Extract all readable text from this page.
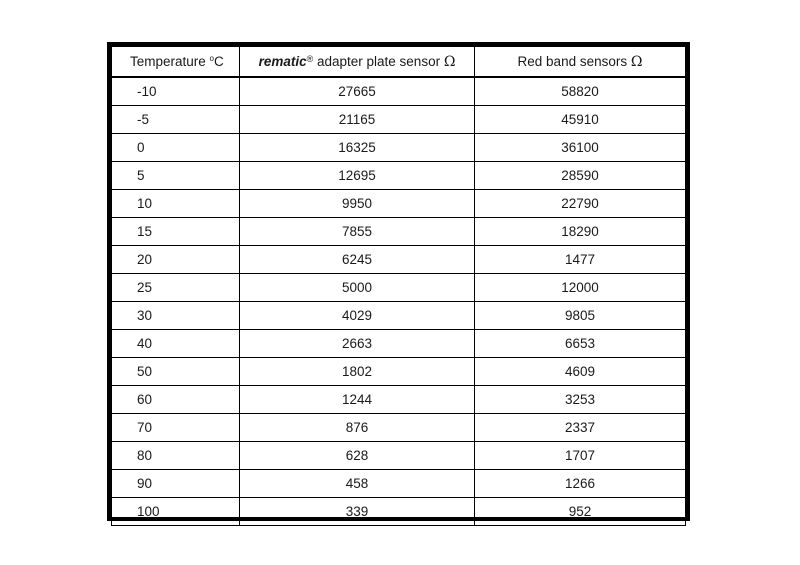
Temperature $^o$C	rematic® adapter plate sensor Ω	Red band sensors Ω
-10	27665	58820
-5	21165	45910
0	16325	36100
5	12695	28590
10	9950	22790
15	7855	18290
20	6245	1477
25	5000	12000
30	4029	9805
40	2663	6653
50	1802	4609
60	1244	3253
70	876	2337
80	628	1707
90	458	1266
100	339	952
